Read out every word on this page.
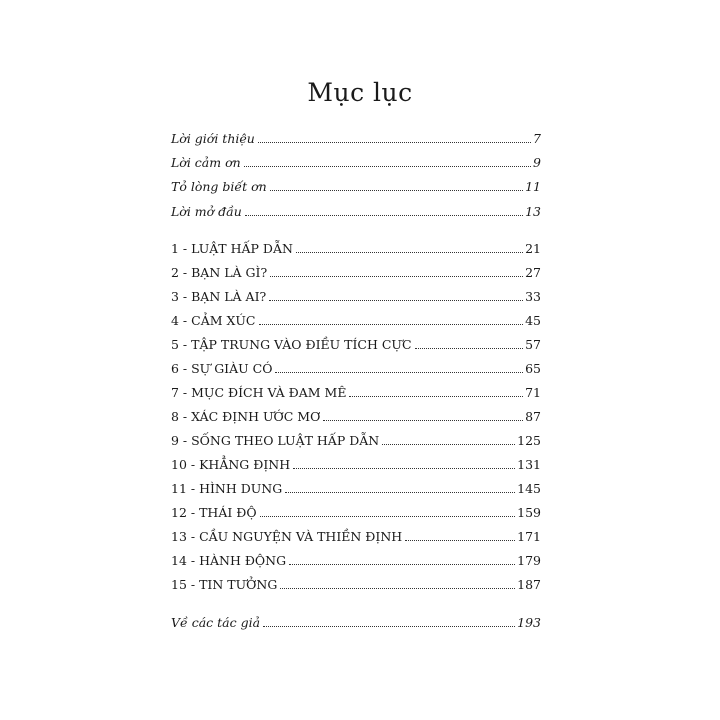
Mục lục
Lời giới thiệu	7
Lời cảm ơn	9
Tỏ lòng biết ơn	11
Lời mở đầu	13
1 - LUẬT HẤP DẪN	21
2 - BẠN LÀ GÌ?	27
3 - BẠN LÀ AI?	33
4 - CẢM XÚC	45
5 - TẬP TRUNG VÀO ĐIỀU TÍCH CỰC	57
6 - SỰ GIÀU CÓ	65
7 - MỤC ĐÍCH VÀ ĐAM MÊ	71
8 - XÁC ĐỊNH ƯỚC MƠ	87
9 - SỐNG THEO LUẬT HẤP DẪN	125
10 - KHẲNG ĐỊNH	131
11 - HÌNH DUNG	145
12 - THÁI ĐỘ	159
13 - CẦU NGUYỆN VÀ THIỀN ĐỊNH	171
14 - HÀNH ĐỘNG	179
15 - TIN TƯỞNG	187
Về các tác giả	193
